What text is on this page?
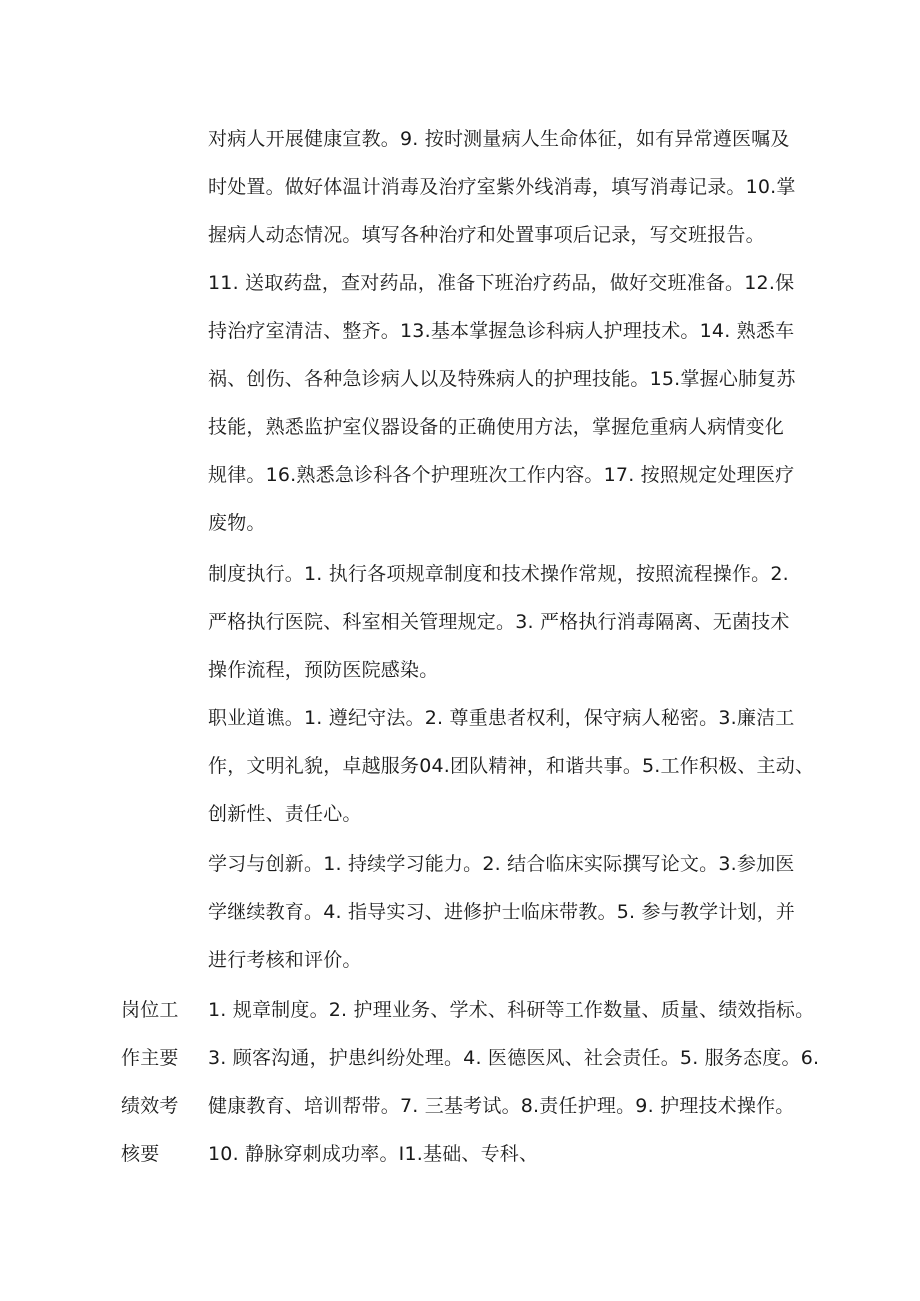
对病人开展健康宣教。9. 按时测量病人生命体征，如有异常遵医嘱及
时处置。做好体温计消毒及治疗室紫外线消毒，填写消毒记录。10.掌
握病人动态情况。填写各种治疗和处置事项后记录，写交班报告。
11. 送取药盘，查对药品，准备下班治疗药品，做好交班准备。12.保
持治疗室清洁、整齐。13.基本掌握急诊科病人护理技术。14. 熟悉车
祸、创伤、各种急诊病人以及特殊病人的护理技能。15.掌握心肺复苏
技能，熟悉监护室仪器设备的正确使用方法，掌握危重病人病情变化
规律。16.熟悉急诊科各个护理班次工作内容。17. 按照规定处理医疗
废物。
制度执行。1. 执行各项规章制度和技术操作常规，按照流程操作。2.
严格执行医院、科室相关管理规定。3. 严格执行消毒隔离、无菌技术
操作流程，预防医院感染。
职业道谯。1. 遵纪守法。2. 尊重患者权利，保守病人秘密。3.廉洁工
作，文明礼貌，卓越服务04.团队精神，和谐共事。5.工作积极、主动、
创新性、责任心。
学习与创新。1. 持续学习能力。2. 结合临床实际撰写论文。3.参加医
学继续教育。4. 指导实习、进修护士临床带教。5. 参与教学计划，并
进行考核和评价。
岗位工
作主要
绩效考
核要
1. 规章制度。2. 护理业务、学术、科研等工作数量、质量、绩效指标。
3. 顾客沟通，护患纠纷处理。4. 医德医风、社会责任。5. 服务态度。6.
健康教育、培训帮带。7. 三基考试。8.责任护理。9. 护理技术操作。
10. 静脉穿刺成功率。I1.基础、专科、
